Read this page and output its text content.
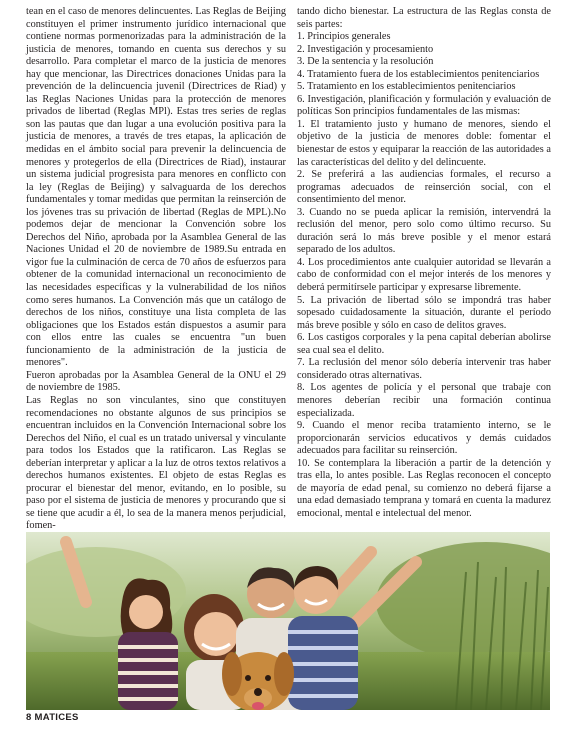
tean en el caso de menores delincuentes. Las Reglas de Beijing constituyen el primer instrumento jurídico internacional que contiene normas pormenorizadas para la administración de la justicia de menores, tomando en cuenta sus derechos y su desarrollo. Para completar el marco de la justicia de menores hay que mencionar, las Directrices donaciones Unidas para la prevención de la delincuencia juvenil (Directrices de Riad) y las Reglas Naciones Unidas para la protección de menores privados de libertad (Reglas MPl). Estas tres series de reglas son las pautas que dan lugar a una evolución positiva para la justicia de menores, a través de tres etapas, la aplicación de medidas en el ámbito social para prevenir la delincuencia de menores y protegerlos de ella (Directrices de Riad), instaurar un sistema judicial progresista para menores en conflicto con la ley (Reglas de Beijing) y salvaguarda de los derechos fundamentales y tomar medidas que permitan la reinserción de los jóvenes tras su privación de libertad (Reglas de MPL).No podemos dejar de mencionar la Convención sobre los Derechos del Niño, aprobada por la Asamblea General de las Naciones Unidad el 20 de noviembre de 1989.Su entrada en vigor fue la culminación de cerca de 70 años de esfuerzos para obtener de la comunidad internacional un reconocimiento de las necesidades específicas y la vulnerabilidad de los niños como seres humanos. La Convención más que un catálogo de derechos de los niños, constituye una lista completa de las obligaciones que los Estados están dispuestos a asumir para con ellos entre las cuales se encuentra "un buen funcionamiento de la administración de la justicia de menores".

Fueron aprobadas por la Asamblea General de la ONU el 29 de noviembre de 1985.

Las Reglas no son vinculantes, sino que constituyen recomendaciones no obstante algunos de sus principios se encuentran incluidos en la Convención Internacional sobre los Derechos del Niño, el cual es un tratado universal y vinculante para todos los Estados que la ratificaron. Las Reglas se deberían interpretar y aplicar a la luz de otros textos relativos a derechos humanos existentes. El objeto de estas Reglas es procurar el bienestar del menor, evitando, en lo posible, su paso por el sistema de justicia de menores y procurando que si se tiene que acudir a él, lo sea de la manera menos perjudicial, fomen-

tando dicho bienestar. La estructura de las Reglas consta de seis partes:

1. Principios generales

2. Investigación y procesamiento

3. De la sentencia y la resolución

4. Tratamiento fuera de los establecimientos penitenciarios

5. Tratamiento en los establecimientos penitenciarios

6. Investigación, planificación y formulación y evaluación de políticas Son principios fundamentales de las mismas:

1. El tratamiento justo y humano de menores, siendo el objetivo de la justicia de menores doble: fomentar el bienestar de estos y equiparar la reacción de las autoridades a las características del delito y del delincuente.

2. Se preferirá a las audiencias formales, el recurso a programas adecuados de reinserción social, con el consentimiento del menor.

3. Cuando no se pueda aplicar la remisión, intervendrá la reclusión del menor, pero solo como último recurso. Su duración será lo más breve posible y el menor estará separado de los adultos.

4. Los procedimientos ante cualquier autoridad se llevarán a cabo de conformidad con el mejor interés de los menores y deberá permitírsele participar y expresarse libremente.

5. La privación de libertad sólo se impondrá tras haber sopesado cuidadosamente la situación, durante el período más breve posible y sólo en caso de delitos graves.

6. Los castigos corporales y la pena capital deberían abolirse sea cual sea el delito.

7. La reclusión del menor sólo debería intervenir tras haber considerado otras alternativas.

8. Los agentes de policía y el personal que trabaje con menores deberían recibir una formación continua especializada.

9. Cuando el menor reciba tratamiento interno, se le proporcionarán servicios educativos y demás cuidados adecuados para facilitar su reinserción.

10. Se contemplara la liberación a partir de la detención y tras ella, lo antes posible. Las Reglas reconocen el concepto de mayoría de edad penal, su comienzo no deberá fijarse a una edad demasiado temprana y tomará en cuenta la madurez emocional, mental e intelectual del menor.

8 MATICES
